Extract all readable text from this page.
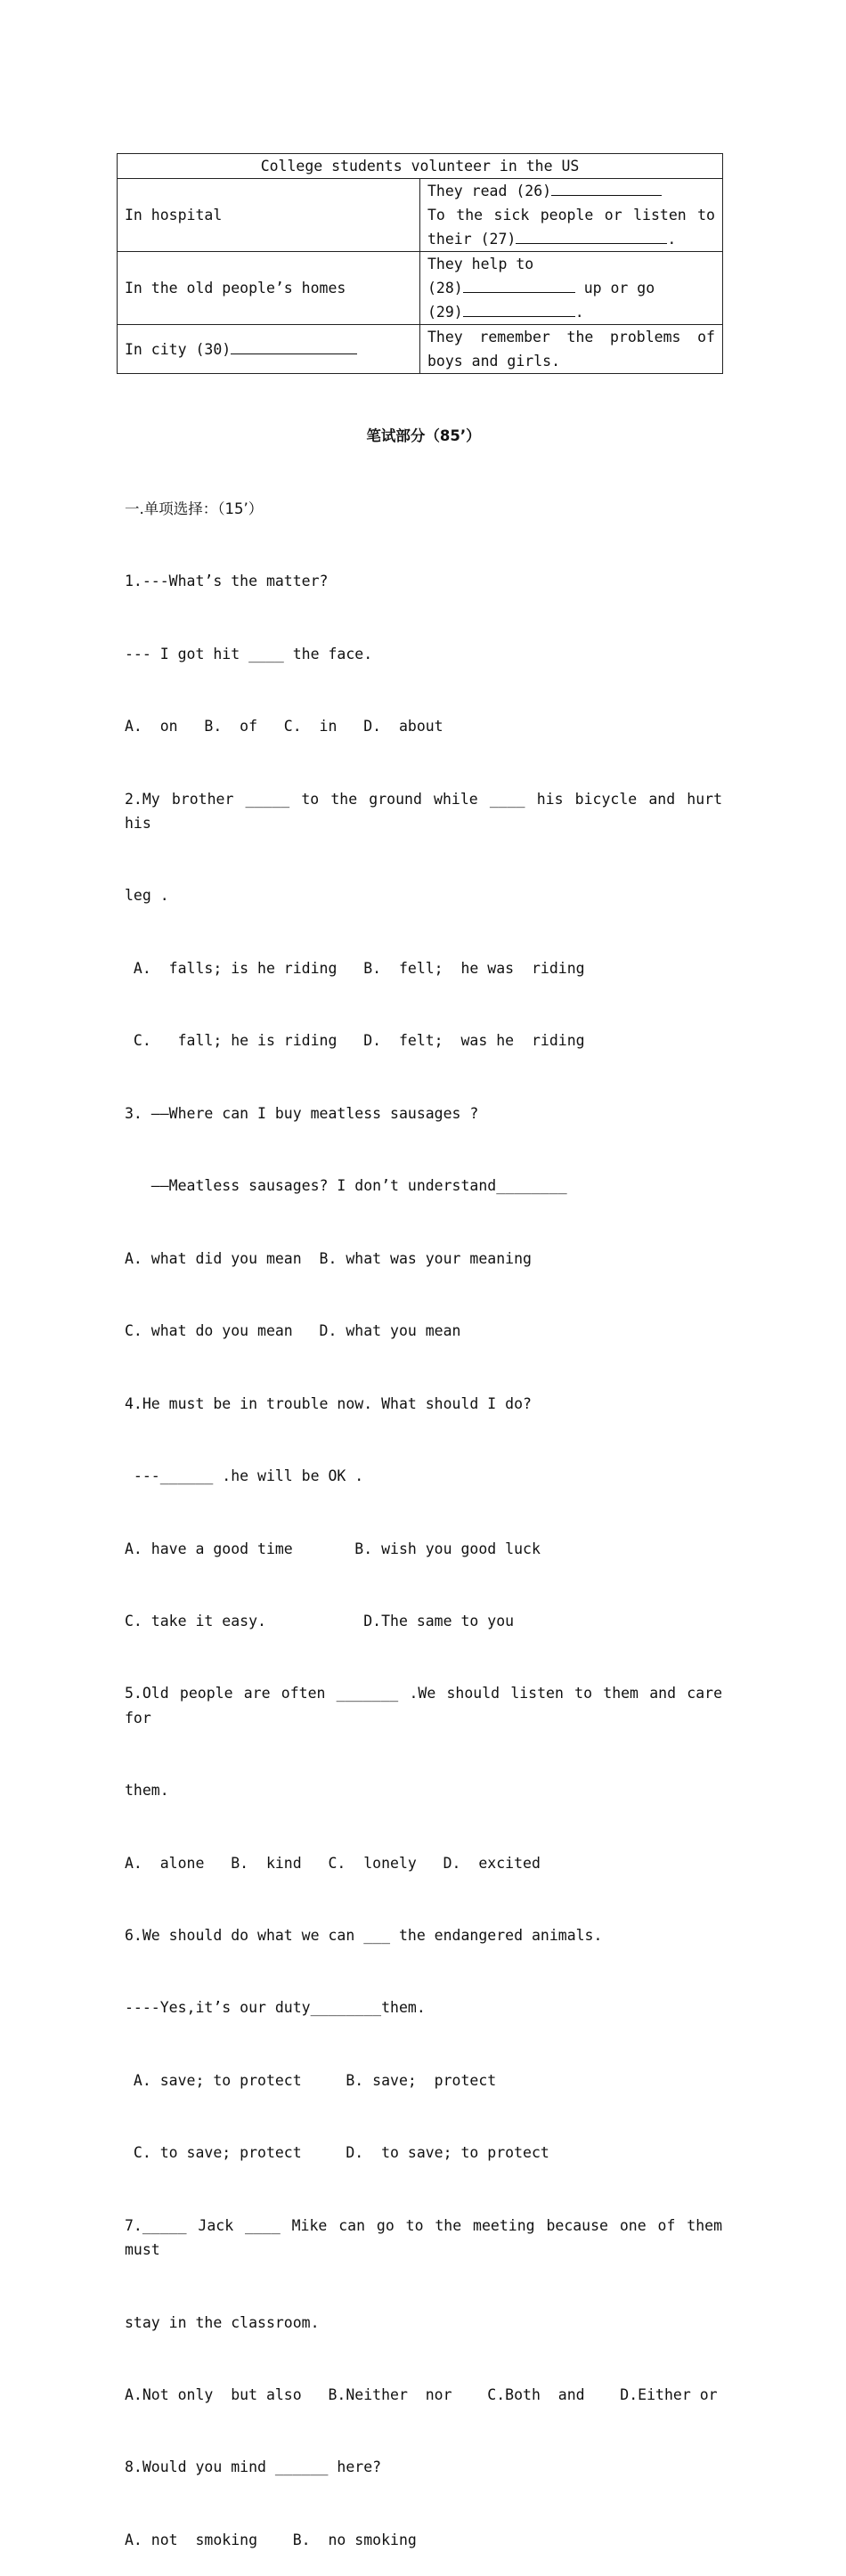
College students volunteer in the US	
In hospital	They read (26)
To the sick people or listen to
their (27) .

In the old people’s homes	They help to
(28) up or go
(29) .

In city (30)	They remember the problems of
boys and girls.

笔试部分（85’）

一.单项选择：（15’）

1.---What’s the matter?

--- I got hit ____ the face.

A.  on   B.  of   C.  in   D.  about

2.My brother _____ to the ground while ____ his bicycle and hurt his

leg .

A.  falls; is he riding   B.  fell;  he was  riding

C.   fall; he is riding   D.  felt;  was he  riding

3. ——Where can I buy meatless sausages ?

——Meatless sausages? I don’t understand________

A. what did you mean  B. what was your meaning

C. what do you mean   D. what you mean

4.He must be in trouble now. What should I do?

---______ .he will be OK .

A. have a good time       B. wish you good luck

C. take it easy.           D.The same to you

5.Old people are often _______ .We should listen to them and care for

them.

A.  alone   B.  kind   C.  lonely   D.  excited

6.We should do what we can ___ the endangered animals.

----Yes,it’s our duty________them.

A. save; to protect     B. save;  protect

C. to save; protect     D.  to save; to protect

7._____ Jack ____ Mike can go to the meeting because one of them must

stay in the classroom.

A.Not only  but also   B.Neither  nor    C.Both  and    D.Either or

8.Would you mind ______ here?

A. not  smoking    B.  no smoking
